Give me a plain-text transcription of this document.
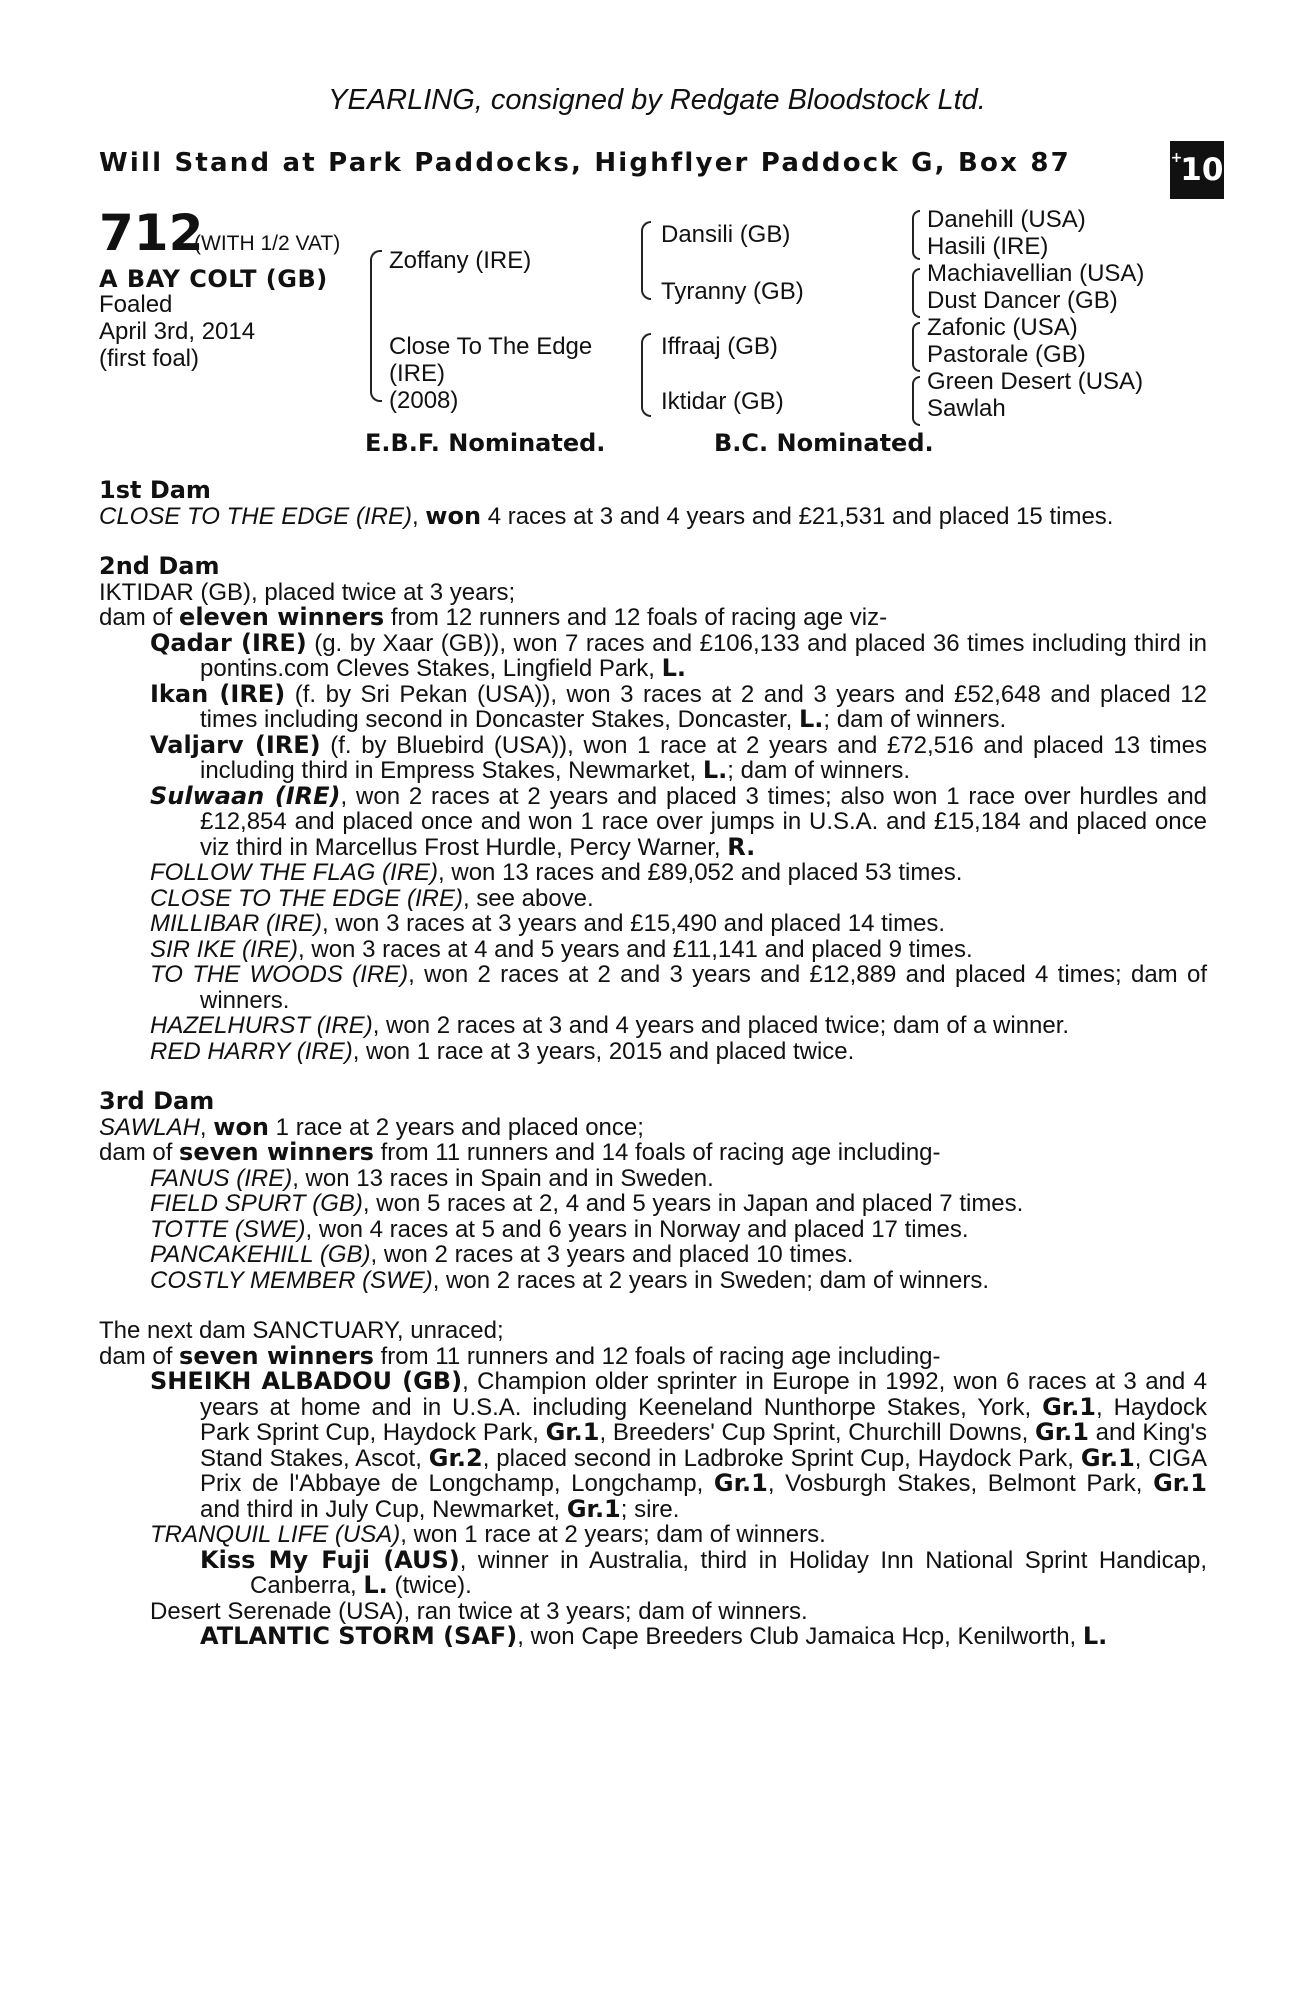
YEARLING, consigned by Redgate Bloodstock Ltd.
Will Stand at Park Paddocks, Highflyer Paddock G, Box 87	+
10
712
(WITH 1/2 VAT)
A BAY COLT (GB)
Foaled
April 3rd, 2014
(first foal)
Zoffany (IRE)
Close To The Edge
(IRE)
(2008)
Dansili (GB)
Tyranny (GB)
Iffraaj (GB)
Iktidar (GB)
Danehill (USA)
Hasili (IRE)
Machiavellian (USA)
Dust Dancer (GB)
Zafonic (USA)
Pastorale (GB)
Green Desert (USA)
Sawlah
E.B.F. Nominated.	B.C. Nominated.

1st Dam

CLOSE TO THE EDGE (IRE), won 4 races at 3 and 4 years and £21,531 and placed 15 times.

2nd Dam

IKTIDAR (GB), placed twice at 3 years;

dam of eleven winners from 12 runners and 12 foals of racing age viz-

Qadar (IRE) (g. by Xaar (GB)), won 7 races and £106,133 and placed 36 times including third in pontins.com Cleves Stakes, Lingfield Park, L.

Ikan (IRE) (f. by Sri Pekan (USA)), won 3 races at 2 and 3 years and £52,648 and placed 12 times including second in Doncaster Stakes, Doncaster, L.; dam of winners.

Valjarv (IRE) (f. by Bluebird (USA)), won 1 race at 2 years and £72,516 and placed 13 times including third in Empress Stakes, Newmarket, L.; dam of winners.

Sulwaan (IRE), won 2 races at 2 years and placed 3 times; also won 1 race over hurdles and £12,854 and placed once and won 1 race over jumps in U.S.A. and £15,184 and placed once viz third in Marcellus Frost Hurdle, Percy Warner, R.

FOLLOW THE FLAG (IRE), won 13 races and £89,052 and placed 53 times.

CLOSE TO THE EDGE (IRE), see above.

MILLIBAR (IRE), won 3 races at 3 years and £15,490 and placed 14 times.

SIR IKE (IRE), won 3 races at 4 and 5 years and £11,141 and placed 9 times.

TO THE WOODS (IRE), won 2 races at 2 and 3 years and £12,889 and placed 4 times; dam of winners.

HAZELHURST (IRE), won 2 races at 3 and 4 years and placed twice; dam of a winner.

RED HARRY (IRE), won 1 race at 3 years, 2015 and placed twice.

3rd Dam

SAWLAH, won 1 race at 2 years and placed once;

dam of seven winners from 11 runners and 14 foals of racing age including-

FANUS (IRE), won 13 races in Spain and in Sweden.

FIELD SPURT (GB), won 5 races at 2, 4 and 5 years in Japan and placed 7 times.

TOTTE (SWE), won 4 races at 5 and 6 years in Norway and placed 17 times.

PANCAKEHILL (GB), won 2 races at 3 years and placed 10 times.

COSTLY MEMBER (SWE), won 2 races at 2 years in Sweden; dam of winners.

The next dam SANCTUARY, unraced;

dam of seven winners from 11 runners and 12 foals of racing age including-

SHEIKH ALBADOU (GB), Champion older sprinter in Europe in 1992, won 6 races at 3 and 4 years at home and in U.S.A. including Keeneland Nunthorpe Stakes, York, Gr.1, Haydock Park Sprint Cup, Haydock Park, Gr.1, Breeders' Cup Sprint, Churchill Downs, Gr.1 and King's Stand Stakes, Ascot, Gr.2, placed second in Ladbroke Sprint Cup, Haydock Park, Gr.1, CIGA Prix de l'Abbaye de Longchamp, Longchamp, Gr.1, Vosburgh Stakes, Belmont Park, Gr.1 and third in July Cup, Newmarket, Gr.1; sire.

TRANQUIL LIFE (USA), won 1 race at 2 years; dam of winners.

Kiss My Fuji (AUS), winner in Australia, third in Holiday Inn National Sprint Handicap, Canberra, L. (twice).

Desert Serenade (USA), ran twice at 3 years; dam of winners.

ATLANTIC STORM (SAF), won Cape Breeders Club Jamaica Hcp, Kenilworth, L.
